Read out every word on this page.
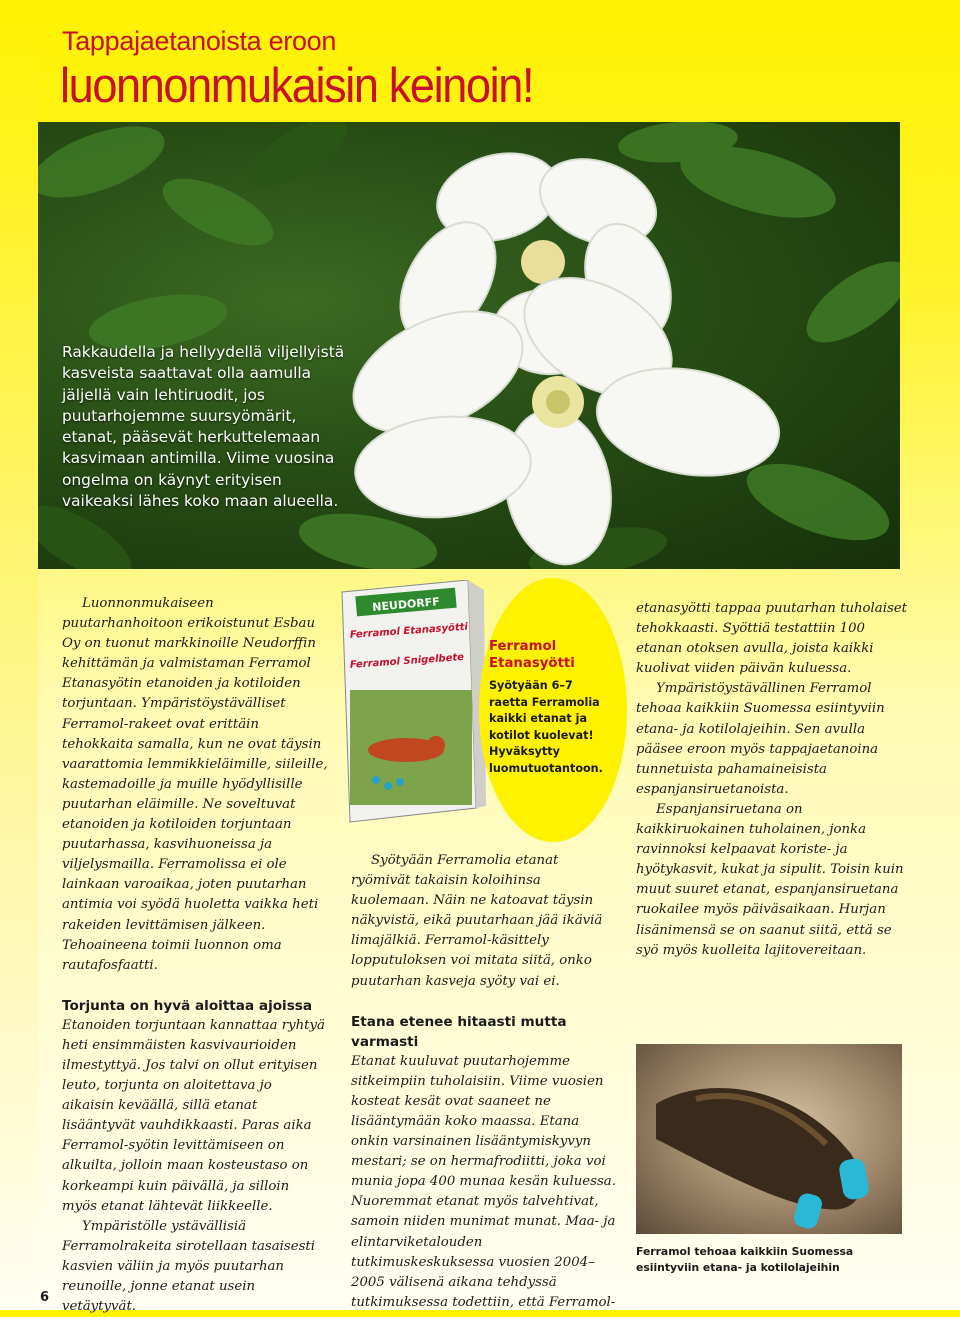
Tappajaetanoista eroon
luonnonmukaisin keinoin!

Rakkaudella ja hellyydellä viljellyistä kasveista saattavat olla aamulla jäljellä vain lehtiruodit, jos puutarhojemme suursyömärit, etanat, pääsevät herkuttelemaan kasvimaan antimilla. Viime vuosina ongelma on käynyt erityisen vaikeaksi lähes koko maan alueella.

Luonnonmukaiseen puutarhanhoitoon erikoistunut Esbau Oy on tuonut markkinoille Neudorffin kehittämän ja valmistaman Ferramol Etanasyötin etanoiden ja kotiloiden torjuntaan. Ympäristöystävälliset Ferramol-rakeet ovat erittäin tehokkaita samalla, kun ne ovat täysin vaarattomia lemmikkieläimille, siileille, kastemadoille ja muille hyödyllisille puutarhan eläimille. Ne soveltuvat etanoiden ja kotiloiden torjuntaan puutarhassa, kasvihuoneissa ja viljelysmailla. Ferramolissa ei ole lainkaan varoaikaa, joten puutarhan antimia voi syödä huoletta vaikka heti rakeiden levittämisen jälkeen. Tehoaineena toimii luonnon oma rautafosfaatti.

Torjunta on hyvä aloittaa ajoissa

Etanoiden torjuntaan kannattaa ryhtyä heti ensimmäisten kasvivaurioiden ilmestyttyä. Jos talvi on ollut erityisen leuto, torjunta on aloitettava jo aikaisin keväällä, sillä etanat lisääntyvät vauhdikkaasti. Paras aika Ferramol-syötin levittämiseen on alkuilta, jolloin maan kosteustaso on korkeampi kuin päivällä, ja silloin myös etanat lähtevät liikkeelle.

Ympäristölle ystävällisiä Ferramolrakeita sirotellaan tasaisesti kasvien väliin ja myös puutarhan reunoille, jonne etanat usein vetäytyvät.

NEUDORFF
Ferramol Etanasyötti
Ferramol Snigelbete

Ferramol Etanasyötti

Syötyään 6–7 raetta Ferramolia kaikki etanat ja kotilot kuolevat! Hyväksytty luomutuotantoon.

Syötyään Ferramolia etanat ryömivät takaisin koloihinsa kuolemaan. Näin ne katoavat täysin näkyvistä, eikä puutarhaan jää ikäviä limajälkiä. Ferramol-käsittely lopputuloksen voi mitata siitä, onko puutarhan kasveja syöty vai ei.

Etana etenee hitaasti mutta varmasti

Etanat kuuluvat puutarhojemme sitkeimpiin tuholaisiin. Viime vuosien kosteat kesät ovat saaneet ne lisääntymään koko maassa. Etana onkin varsinainen lisääntymiskyvyn mestari; se on hermafrodiitti, joka voi munia jopa 400 munaa kesän kuluessa. Nuoremmat etanat myös talvehtivat, samoin niiden munimat munat. Maa- ja elintarviketalouden tutkimuskeskuksessa vuosien 2004–2005 välisenä aikana tehdyssä tutkimuksessa todettiin, että Ferramol-

etanasyötti tappaa puutarhan tuholaiset tehokkaasti. Syöttiä testattiin 100 etanan otoksen avulla, joista kaikki kuolivat viiden päivän kuluessa.

Ympäristöystävällinen Ferramol tehoaa kaikkiin Suomessa esiintyviin etana- ja kotilolajeihin. Sen avulla pääsee eroon myös tappajaetanoina tunnetuista pahamaineisista espanjansiruetanoista.

Espanjansiruetana on kaikkiruokainen tuholainen, jonka ravinnoksi kelpaavat koriste- ja hyötykasvit, kukat ja sipulit. Toisin kuin muut suuret etanat, espanjansiruetana ruokailee myös päiväsaikaan. Hurjan lisänimensä se on saanut siitä, että se syö myös kuolleita lajitovereitaan.

Ferramol tehoaa kaikkiin Suomessa esiintyviin etana- ja kotilolajeihin

6
